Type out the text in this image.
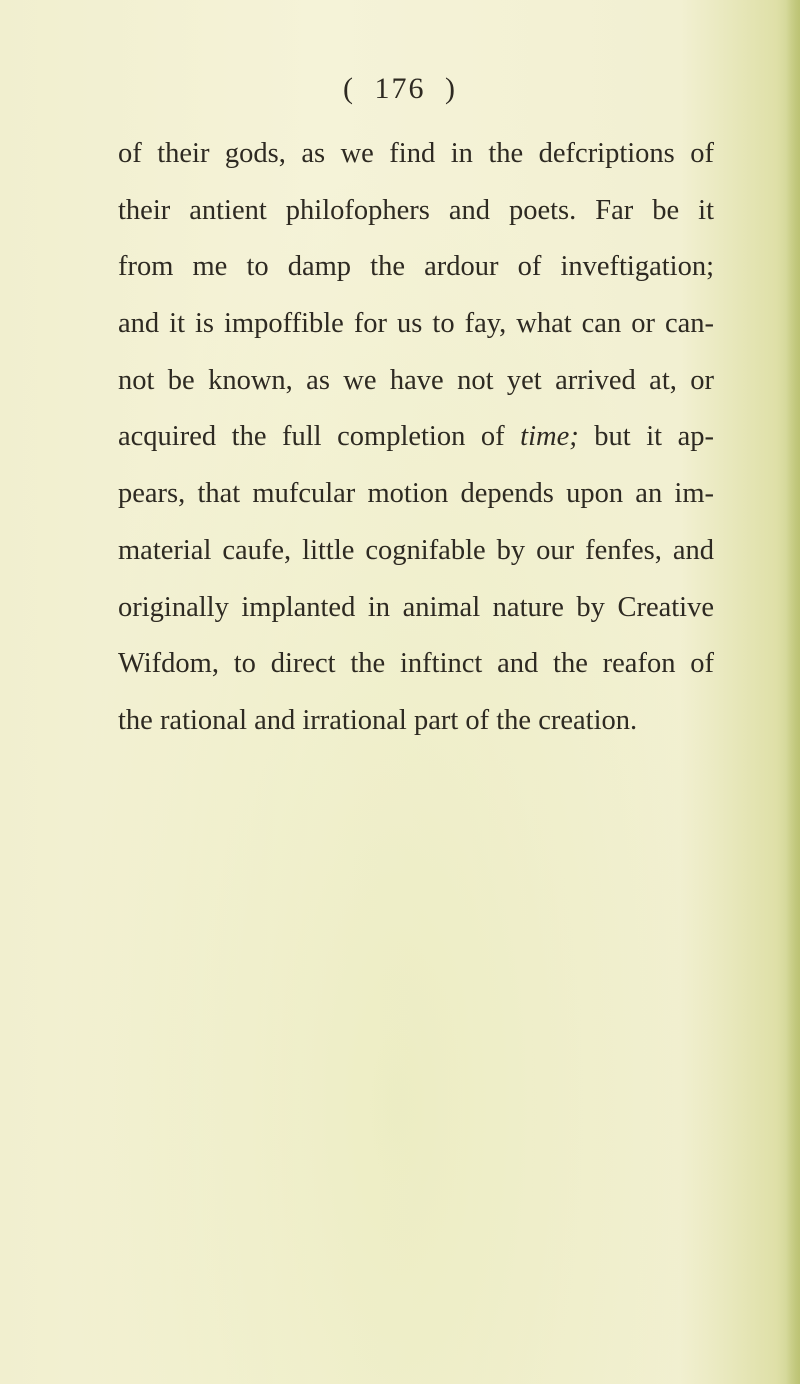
( 176 )
of their gods, as we find in the defcriptions of
their antient philofophers and poets. Far be it
from me to damp the ardour of inveftigation;
and it is impoffible for us to fay, what can or can-
not be known, as we have not yet arrived at, or
acquired the full completion of time; but it ap-
pears, that mufcular motion depends upon an im-
material caufe, little cognifable by our fenfes, and
originally implanted in animal nature by Creative
Wifdom, to direct the inftinct and the reafon of
the rational and irrational part of the creation.
